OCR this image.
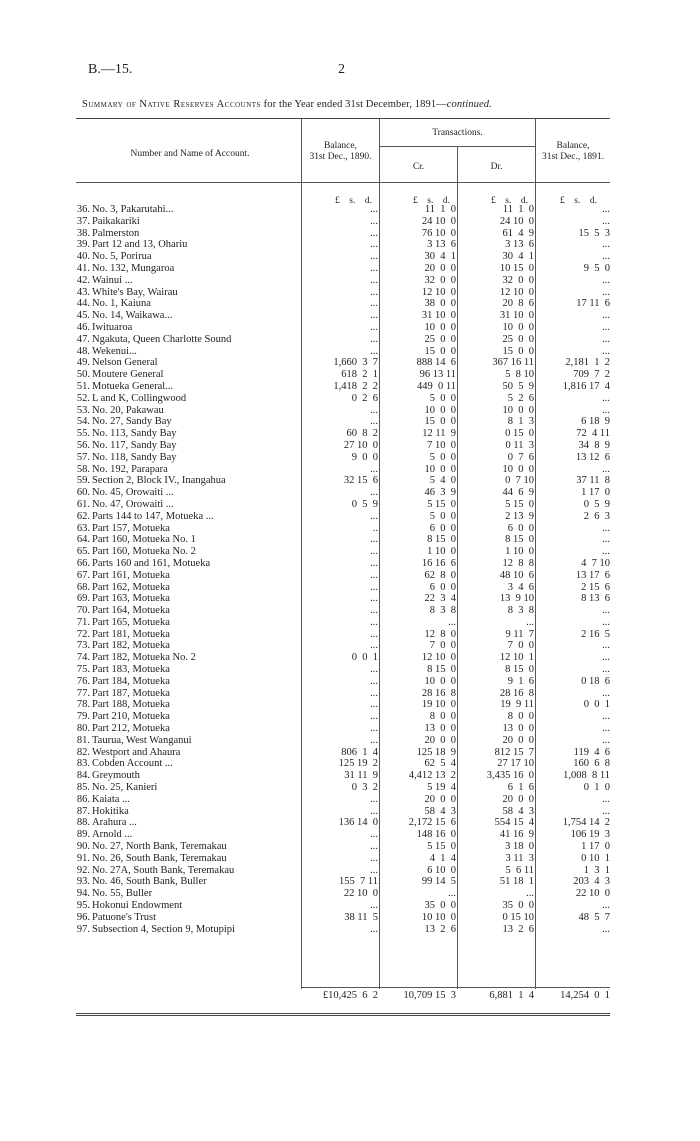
B.—15.	2
Summary of Native Reserves Accounts for the Year ended 31st December, 1891—continued.
Number and Name of Account.
Balance,
31st Dec., 1890.
Transactions.
Cr.	Dr.
Balance,
31st Dec., 1891.
£    s.    d.	£    s.    d.	£    s.    d.	£    s.    d.
36. No. 3, Pakarutahi...	...	11  1  0	11  1  0	...
37. Paikakariki	...	24 10  0	24 10  0	...
38. Palmerston	...	76 10  0	61  4  9	15  5  3
39. Part 12 and 13, Ohariu	...	3 13  6	3 13  6	...
40. No. 5, Porirua	...	30  4  1	30  4  1	...
41. No. 132, Mungaroa	...	20  0  0	10 15  0	9  5  0
42. Wainui ...	...	32  0  0	32  0  0	...
43. White's Bay, Wairau	...	12 10  0	12 10  0	...
44. No. 1, Kaiuna	...	38  0  0	20  8  6	17 11  6
45. No. 14, Waikawa...	...	31 10  0	31 10  0	...
46. Iwituaroa	...	10  0  0	10  0  0	...
47. Ngakuta, Queen Charlotte Sound	...	25  0  0	25  0  0	...
48. Wekenui...	...	15  0  0	15  0  0	...
49. Nelson General	1,660  3  7	888 14  6	367 16 11	2,181  1  2
50. Moutere General	618  2  1	96 13 11	5  8 10	709  7  2
51. Motueka General...	1,418  2  2	449  0 11	50  5  9	1,816 17  4
52. L and K, Collingwood	0  2  6	5  0  0	5  2  6	...
53. No. 20, Pakawau	...	10  0  0	10  0  0	...
54. No. 27, Sandy Bay	...	15  0  0	8  1  3	6 18  9
55. No. 113, Sandy Bay	60  8  2	12 11  9	0 15  0	72  4 11
56. No. 117, Sandy Bay	27 10  0	7 10  0	0 11  3	34  8  9
57. No. 118, Sandy Bay	9  0  0	5  0  0	0  7  6	13 12  6
58. No. 192, Parapara	...	10  0  0	10  0  0	...
59. Section 2, Block IV., Inangahua	32 15  6	5  4  0	0  7 10	37 11  8
60. No. 45, Orowaiti ...	...	46  3  9	44  6  9	1 17  0
61. No. 47, Orowaiti ...	0  5  9	5 15  0	5 15  0	0  5  9
62. Parts 144 to 147, Motueka ...	...	5  0  0	2 13  9	2  6  3
63. Part 157, Motueka	..	6  0  0	6  0  0	...
64. Part 160, Motueka No. 1	...	8 15  0	8 15  0	...
65. Part 160, Motueka No. 2	...	1 10  0	1 10  0	...
66. Parts 160 and 161, Motueka	...	16 16  6	12  8  8	4  7 10
67. Part 161, Motueka	...	62  8  0	48 10  6	13 17  6
68. Part 162, Motueka	...	6  0  0	3  4  6	2 15  6
69. Part 163, Motueka	...	22  3  4	13  9 10	8 13  6
70. Part 164, Motueka	...	8  3  8	8  3  8	...
71. Part 165, Motueka	...	...	...	...
72. Part 181, Motueka	...	12  8  0	9 11  7	2 16  5
73. Part 182, Motueka	...	7  0  0	7  0  0	...
74. Part 182, Motueka No. 2	0  0  1	12 10  0	12 10  1	...
75. Part 183, Motueka	...	8 15  0	8 15  0	...
76. Part 184, Motueka	...	10  0  0	9  1  6	0 18  6
77. Part 187, Motueka	...	28 16  8	28 16  8	...
78. Part 188, Motueka	...	19 10  0	19  9 11	0  0  1
79. Part 210, Motueka	...	8  0  0	8  0  0	...
80. Part 212, Motueka	...	13  0  0	13  0  0	...
81. Taurua, West Wanganui	...	20  0  0	20  0  0	...
82. Westport and Ahaura	806  1  4	125 18  9	812 15  7	119  4  6
83. Cobden Account ...	125 19  2	62  5  4	27 17 10	160  6  8
84. Greymouth	31 11  9	4,412 13  2	3,435 16  0	1,008  8 11
85. No. 25, Kanieri	0  3  2	5 19  4	6  1  6	0  1  0
86. Kaiata ...	...	20  0  0	20  0  0	...
87. Hokitika	...	58  4  3	58  4  3	...
88. Arahura ...	136 14  0	2,172 15  6	554 15  4	1,754 14  2
89. Arnold ...	...	148 16  0	41 16  9	106 19  3
90. No. 27, North Bank, Teremakau	...	5 15  0	3 18  0	1 17  0
91. No. 26, South Bank, Teremakau	...	4  1  4	3 11  3	0 10  1
92. No. 27A, South Bank, Teremakau	...	6 10  0	5  6 11	1  3  1
93. No. 46, South Bank, Buller	155  7 11	99 14  5	51 18  1	203  4  3
94. No. 55, Buller	22 10  0	...	...	22 10  0
95. Hokonui Endowment	...	35  0  0	35  0  0	...
96. Patuone's Trust	38 11  5	10 10  0	0 15 10	48  5  7
97. Subsection 4, Section 9, Motupipi	...	13  2  6	13  2  6	...
£10,425  6  2	10,709 15  3	6,881  1  4	14,254  0  1
